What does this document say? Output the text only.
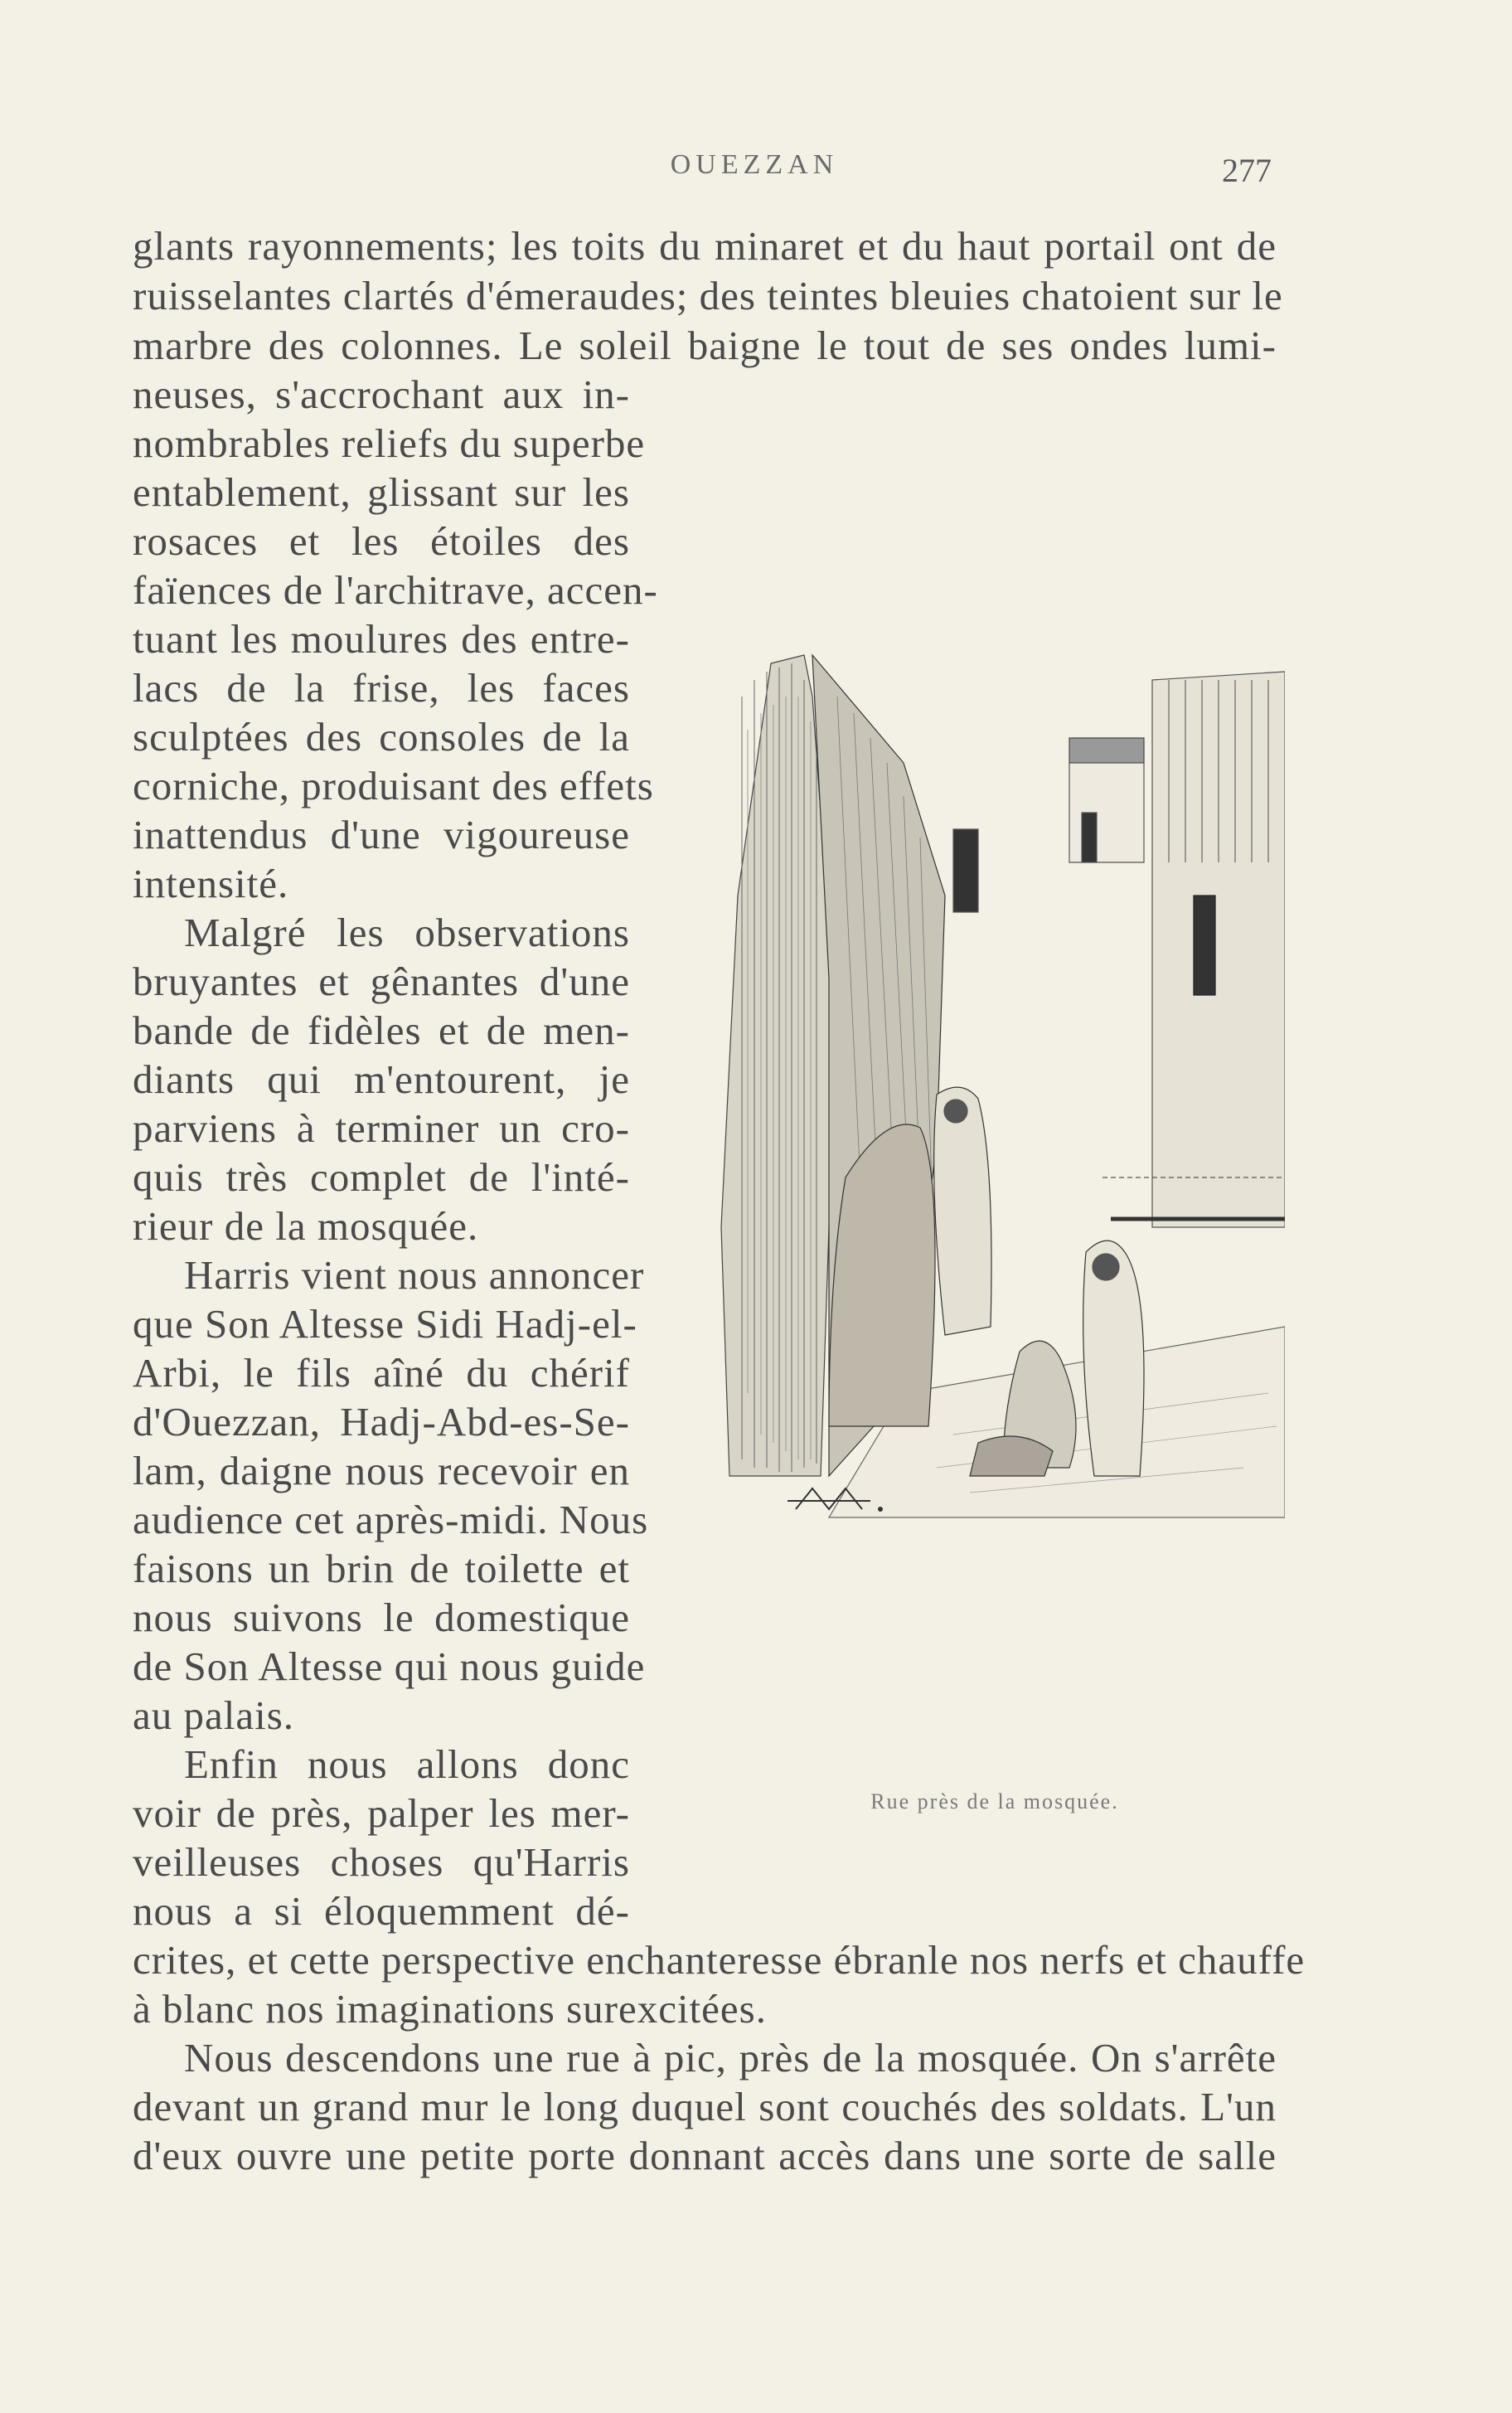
OUEZZAN	277

glants rayonnements; les toits du minaret et du haut portail ont de

ruisselantes clartés d'émeraudes; des teintes bleuies chatoient sur le

marbre des colonnes. Le soleil baigne le tout de ses ondes lumi-

neuses, s'accrochant aux in-

nombrables reliefs du superbe

entablement, glissant sur les

rosaces et les étoiles des

faïences de l'architrave, accen-

tuant les moulures des entre-

lacs de la frise, les faces

sculptées des consoles de la

corniche, produisant des effets

inattendus d'une vigoureuse

intensité.

Malgré les observations

bruyantes et gênantes d'une

bande de fidèles et de men-

diants qui m'entourent, je

parviens à terminer un cro-

quis très complet de l'inté-

rieur de la mosquée.

Harris vient nous annoncer

que Son Altesse Sidi Hadj-el-

Arbi, le fils aîné du chérif

d'Ouezzan, Hadj-Abd-es-Se-

lam, daigne nous recevoir en

audience cet après-midi. Nous

faisons un brin de toilette et

nous suivons le domestique

de Son Altesse qui nous guide

au palais.

Enfin nous allons donc

voir de près, palper les mer-

veilleuses choses qu'Harris

nous a si éloquemment dé-

crites, et cette perspective enchanteresse ébranle nos nerfs et chauffe

à blanc nos imaginations surexcitées.

Nous descendons une rue à pic, près de la mosquée. On s'arrête

devant un grand mur le long duquel sont couchés des soldats. L'un

d'eux ouvre une petite porte donnant accès dans une sorte de salle

Rue près de la mosquée.
